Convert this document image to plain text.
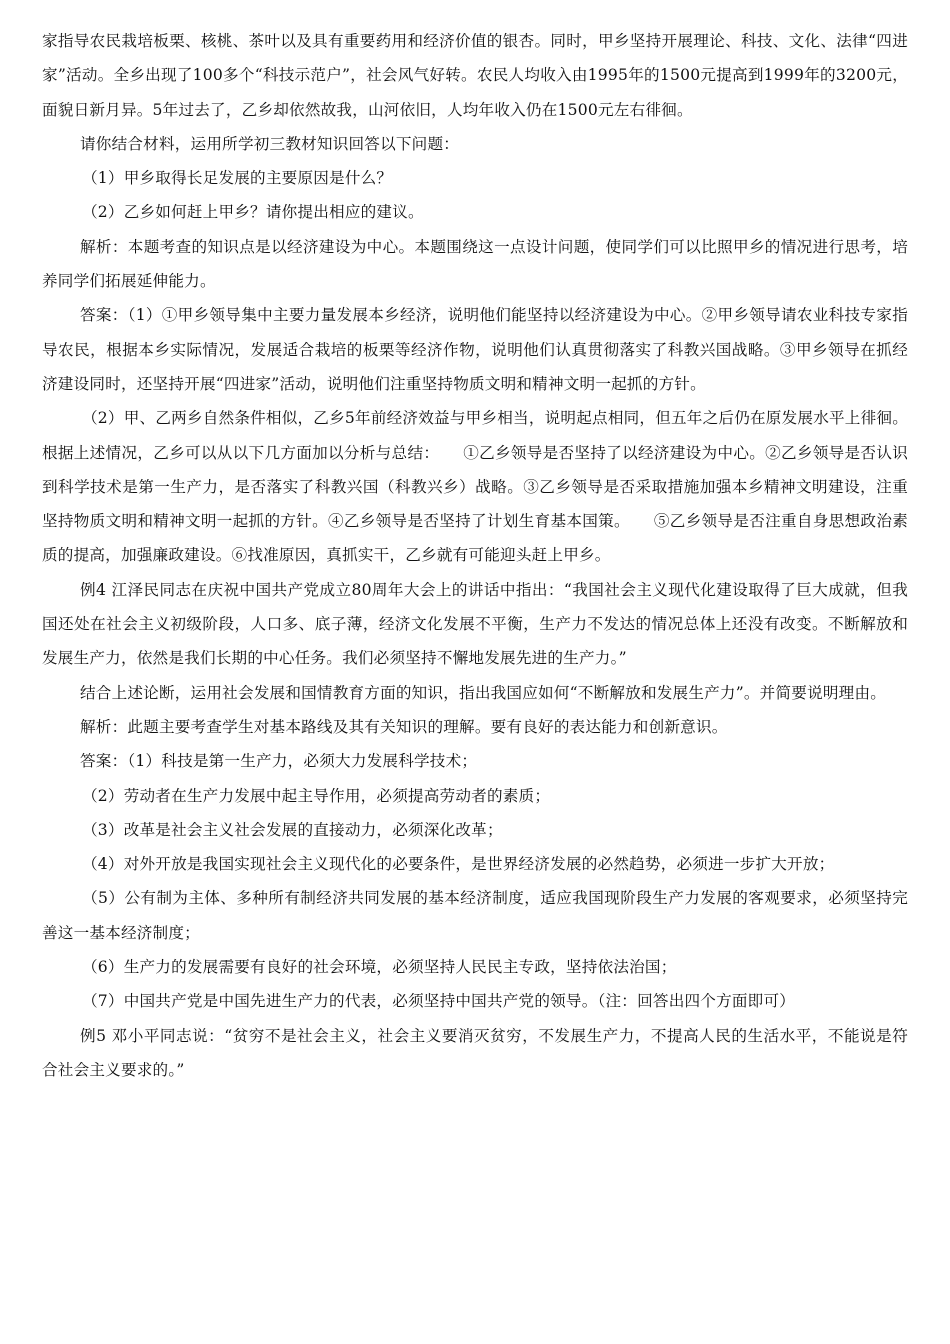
家指导农民栽培板栗、核桃、茶叶以及具有重要药用和经济价值的银杏。同时，甲乡坚持开展理论、科技、文化、法律“四进家”活动。全乡出现了100多个“科技示范户”，社会风气好转。农民人均收入由1995年的1500元提高到1999年的3200元，面貌日新月异。5年过去了，乙乡却依然故我，山河依旧，人均年收入仍在1500元左右徘徊。

请你结合材料，运用所学初三教材知识回答以下问题：

（1）甲乡取得长足发展的主要原因是什么？

（2）乙乡如何赶上甲乡？请你提出相应的建议。

解析：本题考查的知识点是以经济建设为中心。本题围绕这一点设计问题，使同学们可以比照甲乡的情况进行思考，培养同学们拓展延伸能力。

答案：（1）①甲乡领导集中主要力量发展本乡经济，说明他们能坚持以经济建设为中心。②甲乡领导请农业科技专家指导农民，根据本乡实际情况，发展适合栽培的板栗等经济作物，说明他们认真贯彻落实了科教兴国战略。③甲乡领导在抓经济建设同时，还坚持开展“四进家”活动，说明他们注重坚持物质文明和精神文明一起抓的方针。

（2）甲、乙两乡自然条件相似，乙乡5年前经济效益与甲乡相当，说明起点相同，但五年之后仍在原发展水平上徘徊。根据上述情况，乙乡可以从以下几方面加以分析与总结：　　①乙乡领导是否坚持了以经济建设为中心。②乙乡领导是否认识到科学技术是第一生产力，是否落实了科教兴国（科教兴乡）战略。③乙乡领导是否采取措施加强本乡精神文明建设，注重坚持物质文明和精神文明一起抓的方针。④乙乡领导是否坚持了计划生育基本国策。　　⑤乙乡领导是否注重自身思想政治素质的提高，加强廉政建设。⑥找准原因，真抓实干，乙乡就有可能迎头赶上甲乡。

例4 江泽民同志在庆祝中国共产党成立80周年大会上的讲话中指出：“我国社会主义现代化建设取得了巨大成就，但我国还处在社会主义初级阶段，人口多、底子薄，经济文化发展不平衡，生产力不发达的情况总体上还没有改变。不断解放和发展生产力，依然是我们长期的中心任务。我们必须坚持不懈地发展先进的生产力。”

结合上述论断，运用社会发展和国情教育方面的知识，指出我国应如何“不断解放和发展生产力”。并简要说明理由。

解析：此题主要考查学生对基本路线及其有关知识的理解。要有良好的表达能力和创新意识。

答案：（1）科技是第一生产力，必须大力发展科学技术；

（2）劳动者在生产力发展中起主导作用，必须提高劳动者的素质；

（3）改革是社会主义社会发展的直接动力，必须深化改革；

（4）对外开放是我国实现社会主义现代化的必要条件，是世界经济发展的必然趋势，必须进一步扩大开放；

（5）公有制为主体、多种所有制经济共同发展的基本经济制度，适应我国现阶段生产力发展的客观要求，必须坚持完善这一基本经济制度；

（6）生产力的发展需要有良好的社会环境，必须坚持人民民主专政，坚持依法治国；

（7）中国共产党是中国先进生产力的代表，必须坚持中国共产党的领导。（注：回答出四个方面即可）

例5 邓小平同志说：“贫穷不是社会主义，社会主义要消灭贫穷，不发展生产力，不提高人民的生活水平，不能说是符合社会主义要求的。”
